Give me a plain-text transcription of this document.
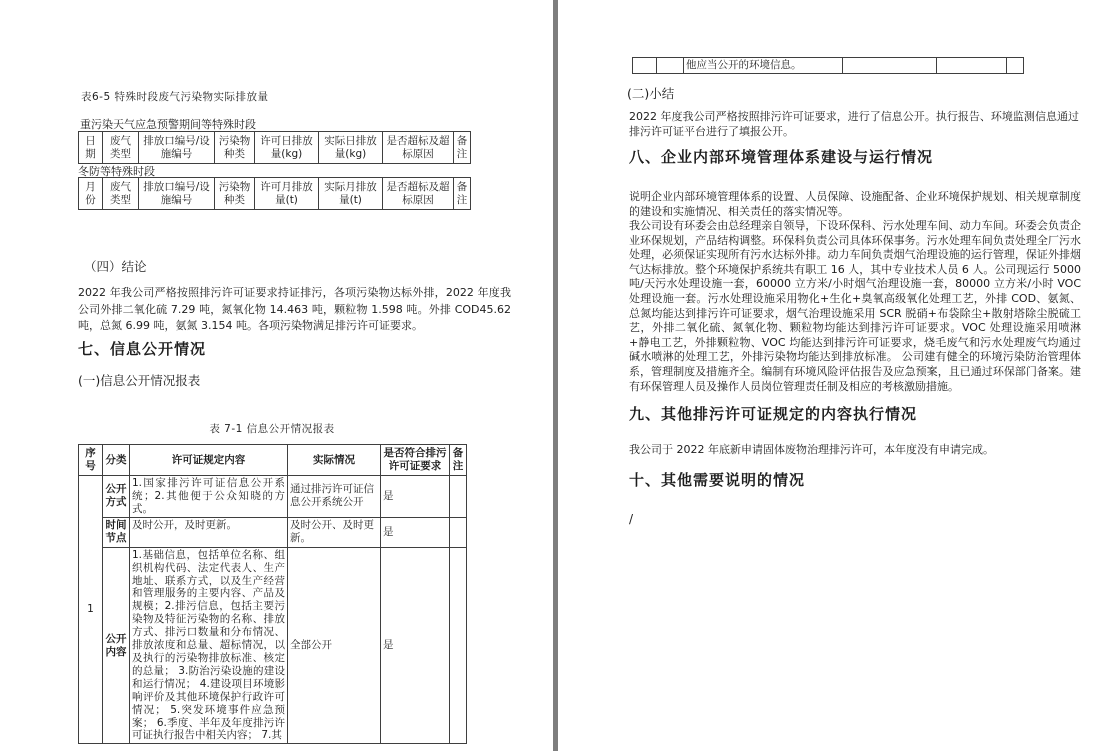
表6-5 特殊时段废气污染物实际排放量
重污染天气应急预警期间等特殊时段
日期	废气类型	排放口编号/设施编号	污染物种类	许可日排放量(kg)	实际日排放量(kg)	是否超标及超标原因	备注
冬防等特殊时段
月份	废气类型	排放口编号/设施编号	污染物种类	许可月排放量(t)	实际月排放量(t)	是否超标及超标原因	备注
（四）结论
2022 年我公司严格按照排污许可证要求持证排污，各项污染物达标外排，2022 年度我公司外排二氧化硫 7.29 吨，氮氧化物 14.463 吨，颗粒物 1.598 吨。外排 COD45.62 吨，总氮 6.99 吨，氨氮 3.154 吨。各项污染物满足排污许可证要求。
七、信息公开情况
(一)信息公开情况报表
表 7-1 信息公开情况报表
序号	分类	许可证规定内容	实际情况	是否符合排污许可证要求	备注
1	公开方式	1.国家排污许可证信息公开系统；2.其他便于公众知晓的方式。	通过排污许可证信息公开系统公开	是	
	时间节点	及时公开，及时更新。	及时公开、及时更新。	是	
	公开内容	1.基础信息，包括单位名称、组织机构代码、法定代表人、生产地址、联系方式，以及生产经营和管理服务的主要内容、产品及规模；2.排污信息，包括主要污染物及特征污染物的名称、排放方式、排污口数量和分布情况、排放浓度和总量、超标情况，以及执行的污染物排放标准、核定的总量； 3.防治污染设施的建设和运行情况； 4.建设项目环境影响评价及其他环境保护行政许可情况； 5.突发环境事件应急预案； 6.季度、半年及年度排污许可证执行报告中相关内容； 7.其	全部公开	是	
		他应当公开的环境信息。			
(二)小结
2022 年度我公司严格按照排污许可证要求，进行了信息公开。执行报告、环境监测信息通过排污许可证平台进行了填报公开。
八、企业内部环境管理体系建设与运行情况
说明企业内部环境管理体系的设置、人员保障、设施配备、企业环境保护规划、相关规章制度的建设和实施情况、相关责任的落实情况等。
我公司设有环委会由总经理亲自领导，下设环保科、污水处理车间、动力车间。环委会负责企业环保规划，产品结构调整。环保科负责公司具体环保事务。污水处理车间负责处理全厂污水处理，必须保证实现所有污水达标外排。动力车间负责烟气治理设施的运行管理，保证外排烟气达标排放。整个环境保护系统共有职工 16 人，其中专业技术人员 6 人。公司现运行 5000 吨/天污水处理设施一套，60000 立方米/小时烟气治理设施一套，80000 立方米/小时 VOC 处理设施一套。污水处理设施采用物化+生化+臭氧高级氧化处理工艺，外排 COD、氨氮、总氮均能达到排污许可证要求，烟气治理设施采用 SCR 脱硝+布袋除尘+散射塔除尘脱硫工艺，外排二氧化硫、氮氧化物、颗粒物均能达到排污许可证要求。VOC 处理设施采用喷淋+静电工艺，外排颗粒物、VOC 均能达到排污许可证要求，烧毛废气和污水处理废气均通过碱水喷淋的处理工艺，外排污染物均能达到排放标准。 公司建有健全的环境污染防治管理体系，管理制度及措施齐全。编制有环境风险评估报告及应急预案，且已通过环保部门备案。建有环保管理人员及操作人员岗位管理责任制及相应的考核激励措施。
九、其他排污许可证规定的内容执行情况
我公司于 2022 年底新申请固体废物治理排污许可，本年度没有申请完成。
十、其他需要说明的情况
/
